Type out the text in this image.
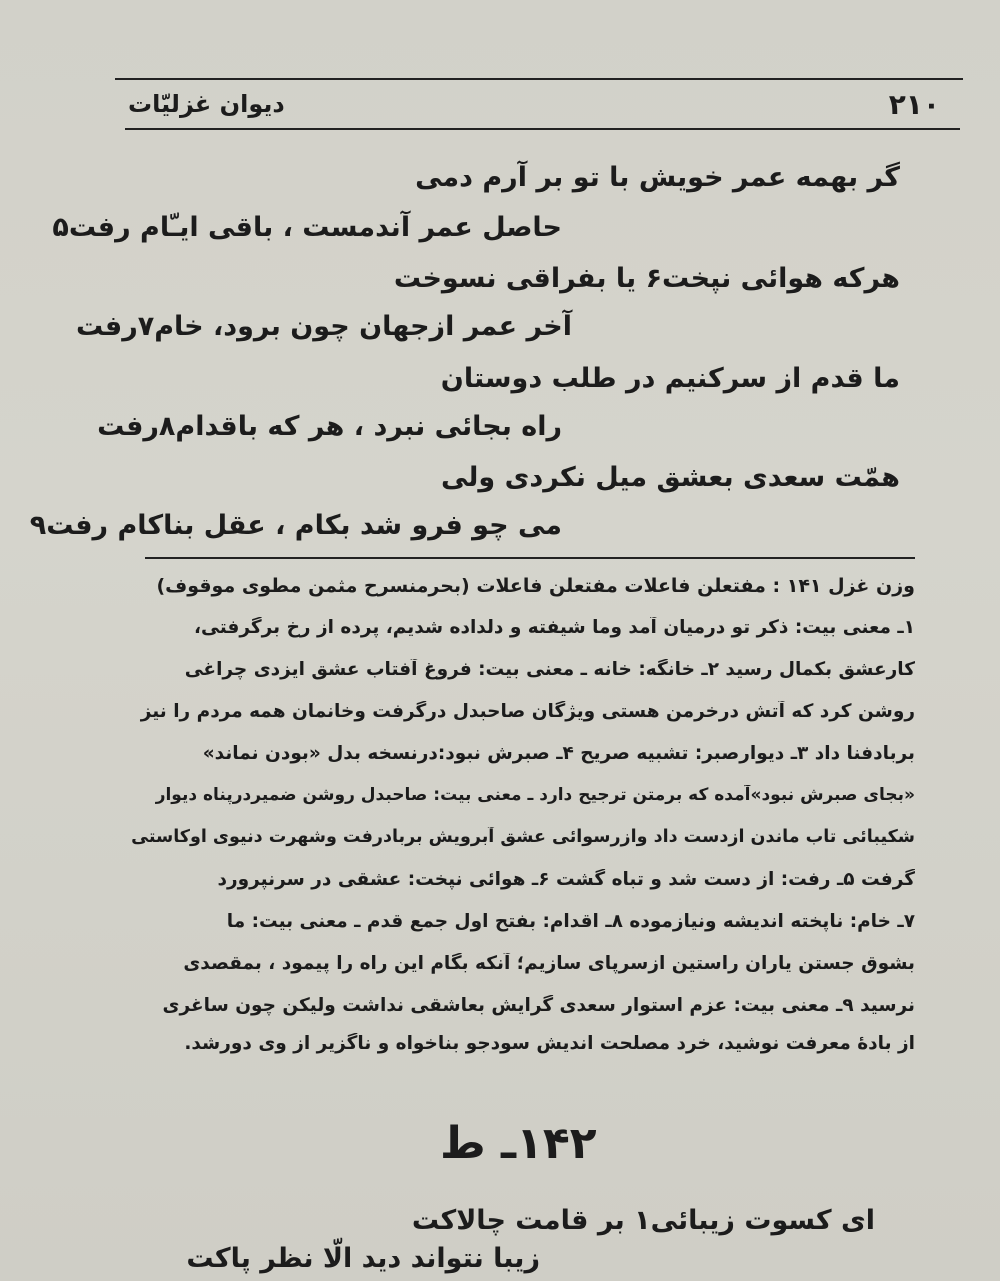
دیوان غزلیّات	۲۱۰
گر بهمه عمر خویش با تو بر آرم دمی
حاصل عمر آندمست ، باقی ایـّام رفت۵
هرکه هوائی نپخت۶ یا بفراقی نسوخت
آخر عمر ازجهان چون برود، خام۷رفت
ما قدم از سرکنیم در طلب دوستان
راه بجائی نبرد ، هر که باقدام۸رفت
همّت سعدی بعشق میل نکردی ولی
می چو فرو شد بکام ، عقل بناکام رفت۹
وزن غزل ۱۴۱ : مفتعلن فاعلات مفتعلن فاعلات (بحرمنسرح مثمن مطوی موقوف)
۱ـ معنی بیت: ذکر تو درمیان آمد وما شیفته و دلداده شدیم، پرده از رخ برگرفتی،
کارعشق بکمال رسید ۲ـ خانگه: خانه ـ معنی بیت: فروغ آفتاب عشق ایزدی چراغی
روشن کرد که آتش درخرمن هستی ویژگان صاحبدل درگرفت وخانمان همه مردم را نیز
بربادفنا داد ۳ـ دیوارصبر: تشبیه صریح ۴ـ صبرش نبود:درنسخه بدل «بودن نماند»
«بجای صبرش نبود»آمده که برمتن ترجیح دارد ـ معنی بیت: صاحبدل روشن ضمیردرپناه دیوار
شکیبائی تاب ماندن ازدست داد وازرسوائی عشق آبرویش بربادرفت وشهرت دنیوی اوکاستی
گرفت ۵ـ رفت: از دست شد و تباه گشت ۶ـ هوائی نپخت: عشقی در سرنپرورد
۷ـ خام: ناپخته اندیشه ونیازموده ۸ـ اقدام: بفتح اول جمع قدم ـ معنی بیت: ما
بشوق جستن یاران راستین ازسرپای سازیم؛ آنکه بگام این راه را پیمود ، بمقصدی
نرسید ۹ـ معنی بیت: عزم استوار سعدی گرایش بعاشقی نداشت ولیکن چون ساغری
از بادهٔ معرفت نوشید، خرد مصلحت اندیش سودجو بناخواه و ناگزیر از وی دورشد.
۱۴۲ـ ط
ای کسوت زیبائی۱ بر قامت چالاکت
زیبا نتواند دید الّا نظر پاکت
